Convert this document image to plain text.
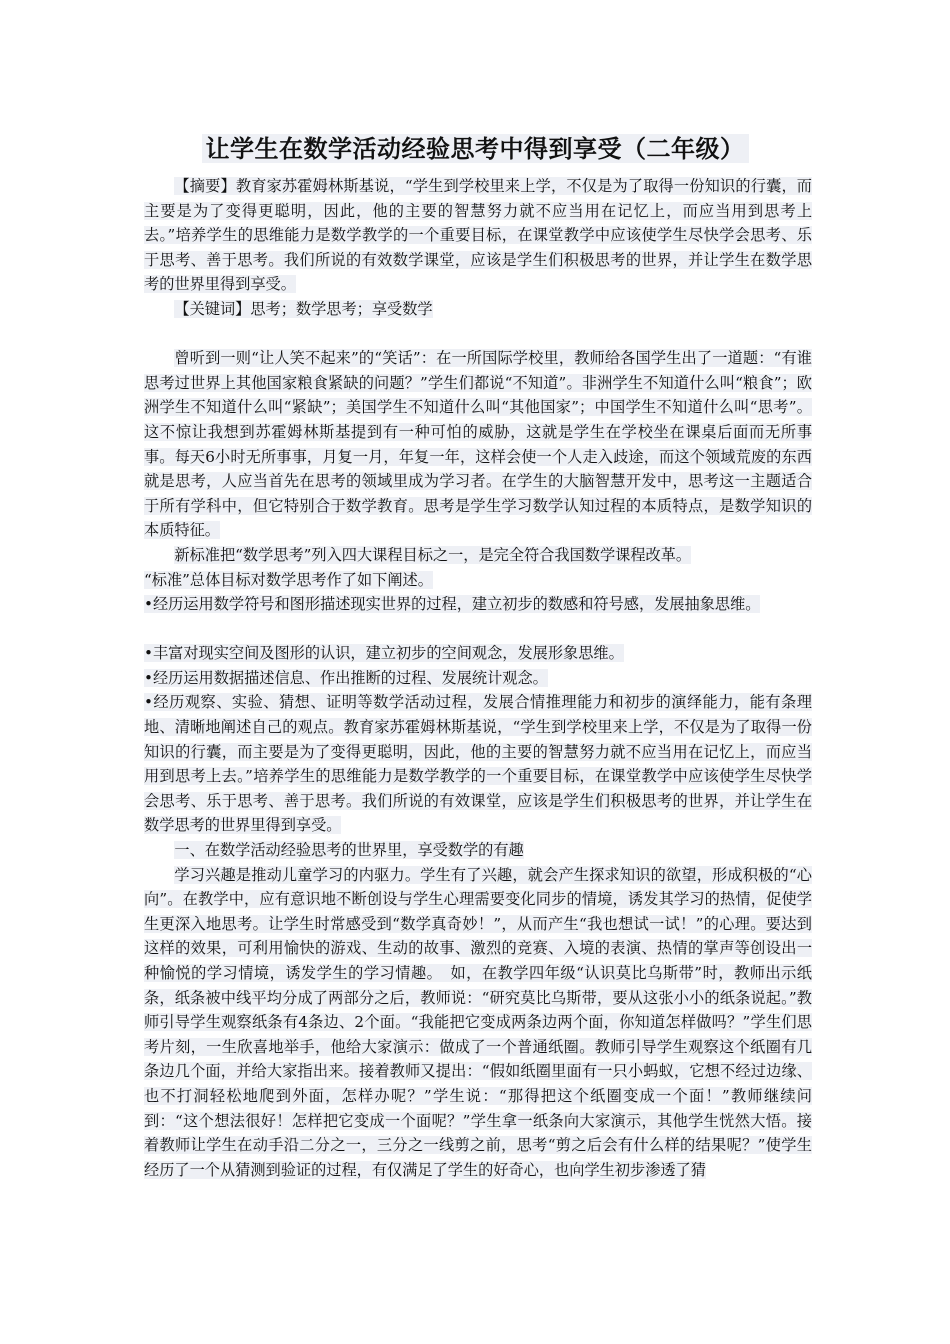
让学生在数学活动经验思考中得到享受（二年级）

【摘要】教育家苏霍姆林斯基说，“学生到学校里来上学，不仅是为了取得一份知识的行囊，而主要是为了变得更聪明，因此，他的主要的智慧努力就不应当用在记忆上，而应当用到思考上去。”培养学生的思维能力是数学教学的一个重要目标，在课堂教学中应该使学生尽快学会思考、乐于思考、善于思考。我们所说的有效数学课堂，应该是学生们积极思考的世界，并让学生在数学思考的世界里得到享受。

【关键词】思考；数学思考；享受数学

曾听到一则“让人笑不起来”的“笑话”：在一所国际学校里，教师给各国学生出了一道题：“有谁思考过世界上其他国家粮食紧缺的问题？”学生们都说“不知道”。非洲学生不知道什么叫“粮食”；欧洲学生不知道什么叫“紧缺”；美国学生不知道什么叫“其他国家”；中国学生不知道什么叫“思考”。这不惊让我想到苏霍姆林斯基提到有一种可怕的威胁，这就是学生在学校坐在课桌后面而无所事事。每天6小时无所事事，月复一月，年复一年，这样会使一个人走入歧途，而这个领域荒废的东西就是思考，人应当首先在思考的领域里成为学习者。在学生的大脑智慧开发中，思考这一主题适合于所有学科中，但它特别合于数学教育。思考是学生学习数学认知过程的本质特点，是数学知识的本质特征。

新标准把“数学思考”列入四大课程目标之一，是完全符合我国数学课程改革。

“标准”总体目标对数学思考作了如下阐述。

•经历运用数学符号和图形描述现实世界的过程，建立初步的数感和符号感，发展抽象思维。

•丰富对现实空间及图形的认识，建立初步的空间观念，发展形象思维。

•经历运用数据描述信息、作出推断的过程、发展统计观念。

•经历观察、实验、猜想、证明等数学活动过程，发展合情推理能力和初步的演绎能力，能有条理地、清晰地阐述自己的观点。教育家苏霍姆林斯基说，“学生到学校里来上学，不仅是为了取得一份知识的行囊，而主要是为了变得更聪明，因此，他的主要的智慧努力就不应当用在记忆上，而应当用到思考上去。”培养学生的思维能力是数学教学的一个重要目标，在课堂教学中应该使学生尽快学会思考、乐于思考、善于思考。我们所说的有效课堂，应该是学生们积极思考的世界，并让学生在数学思考的世界里得到享受。

一、在数学活动经验思考的世界里，享受数学的有趣

学习兴趣是推动儿童学习的内驱力。学生有了兴趣，就会产生探求知识的欲望，形成积极的“心向”。在教学中，应有意识地不断创设与学生心理需要变化同步的情境，诱发其学习的热情，促使学生更深入地思考。让学生时常感受到“数学真奇妙！”，从而产生“我也想试一试！”的心理。要达到这样的效果，可利用愉快的游戏、生动的故事、激烈的竞赛、入境的表演、热情的掌声等创设出一种愉悦的学习情境，诱发学生的学习情趣。　如，在教学四年级“认识莫比乌斯带”时，教师出示纸条，纸条被中线平均分成了两部分之后，教师说：“研究莫比乌斯带，要从这张小小的纸条说起。”教师引导学生观察纸条有4条边、2个面。“我能把它变成两条边两个面，你知道怎样做吗？”学生们思考片刻，一生欣喜地举手，他给大家演示：做成了一个普通纸圈。教师引导学生观察这个纸圈有几条边几个面，并给大家指出来。接着教师又提出：“假如纸圈里面有一只小蚂蚁，它想不经过边缘、也不打洞轻松地爬到外面，怎样办呢？”学生说：“那得把这个纸圈变成一个面！”教师继续问到：“这个想法很好！怎样把它变成一个面呢？”学生拿一纸条向大家演示，其他学生恍然大悟。接着教师让学生在动手沿二分之一，三分之一线剪之前，思考“剪之后会有什么样的结果呢？”使学生经历了一个从猜测到验证的过程，有仅满足了学生的好奇心，也向学生初步渗透了猜
